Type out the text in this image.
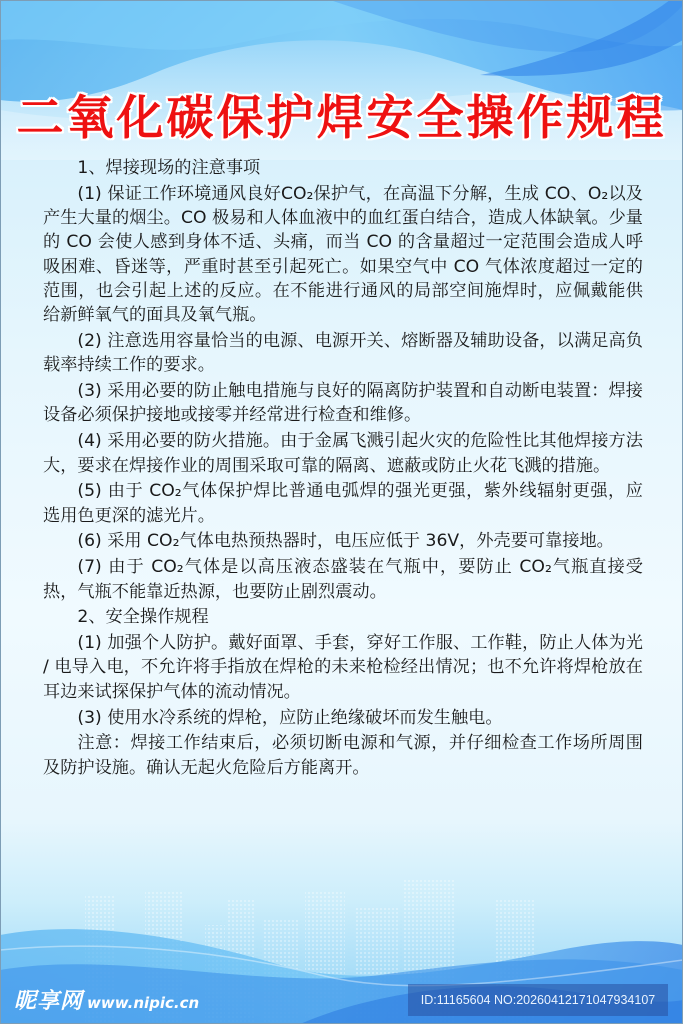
二氧化碳保护焊安全操作规程

1、焊接现场的注意事项

(1) 保证工作环境通风良好CO₂保护气，在高温下分解，生成 CO、O₂以及产生大量的烟尘。CO 极易和人体血液中的血红蛋白结合，造成人体缺氧。少量的 CO 会使人感到身体不适、头痛，而当 CO 的含量超过一定范围会造成人呼吸困难、昏迷等，严重时甚至引起死亡。如果空气中 CO 气体浓度超过一定的范围，也会引起上述的反应。在不能进行通风的局部空间施焊时，应佩戴能供给新鲜氧气的面具及氧气瓶。

(2) 注意选用容量恰当的电源、电源开关、熔断器及辅助设备，以满足高负载率持续工作的要求。

(3) 采用必要的防止触电措施与良好的隔离防护装置和自动断电装置：焊接设备必须保护接地或接零并经常进行检查和维修。

(4) 采用必要的防火措施。由于金属飞溅引起火灾的危险性比其他焊接方法大，要求在焊接作业的周围采取可靠的隔离、遮蔽或防止火花飞溅的措施。

(5) 由于 CO₂气体保护焊比普通电弧焊的强光更强，紫外线辐射更强，应选用色更深的滤光片。

(6) 采用 CO₂气体电热预热器时，电压应低于 36V，外壳要可靠接地。

(7) 由于 CO₂气体是以高压液态盛装在气瓶中，要防止 CO₂气瓶直接受热，气瓶不能靠近热源，也要防止剧烈震动。

2、安全操作规程

(1) 加强个人防护。戴好面罩、手套，穿好工作服、工作鞋，防止人体为光 / 电导入电，不允许将手指放在焊枪的未来枪检经出情况；也不允许将焊枪放在耳边来试探保护气体的流动情况。

(3) 使用水冷系统的焊枪，应防止绝缘破坏而发生触电。

注意：焊接工作结束后，必须切断电源和气源，并仔细检查工作场所周围及防护设施。确认无起火危险后方能离开。

昵享网 www.nipic.cn	ID:11165604 NO:20260412171047934107
